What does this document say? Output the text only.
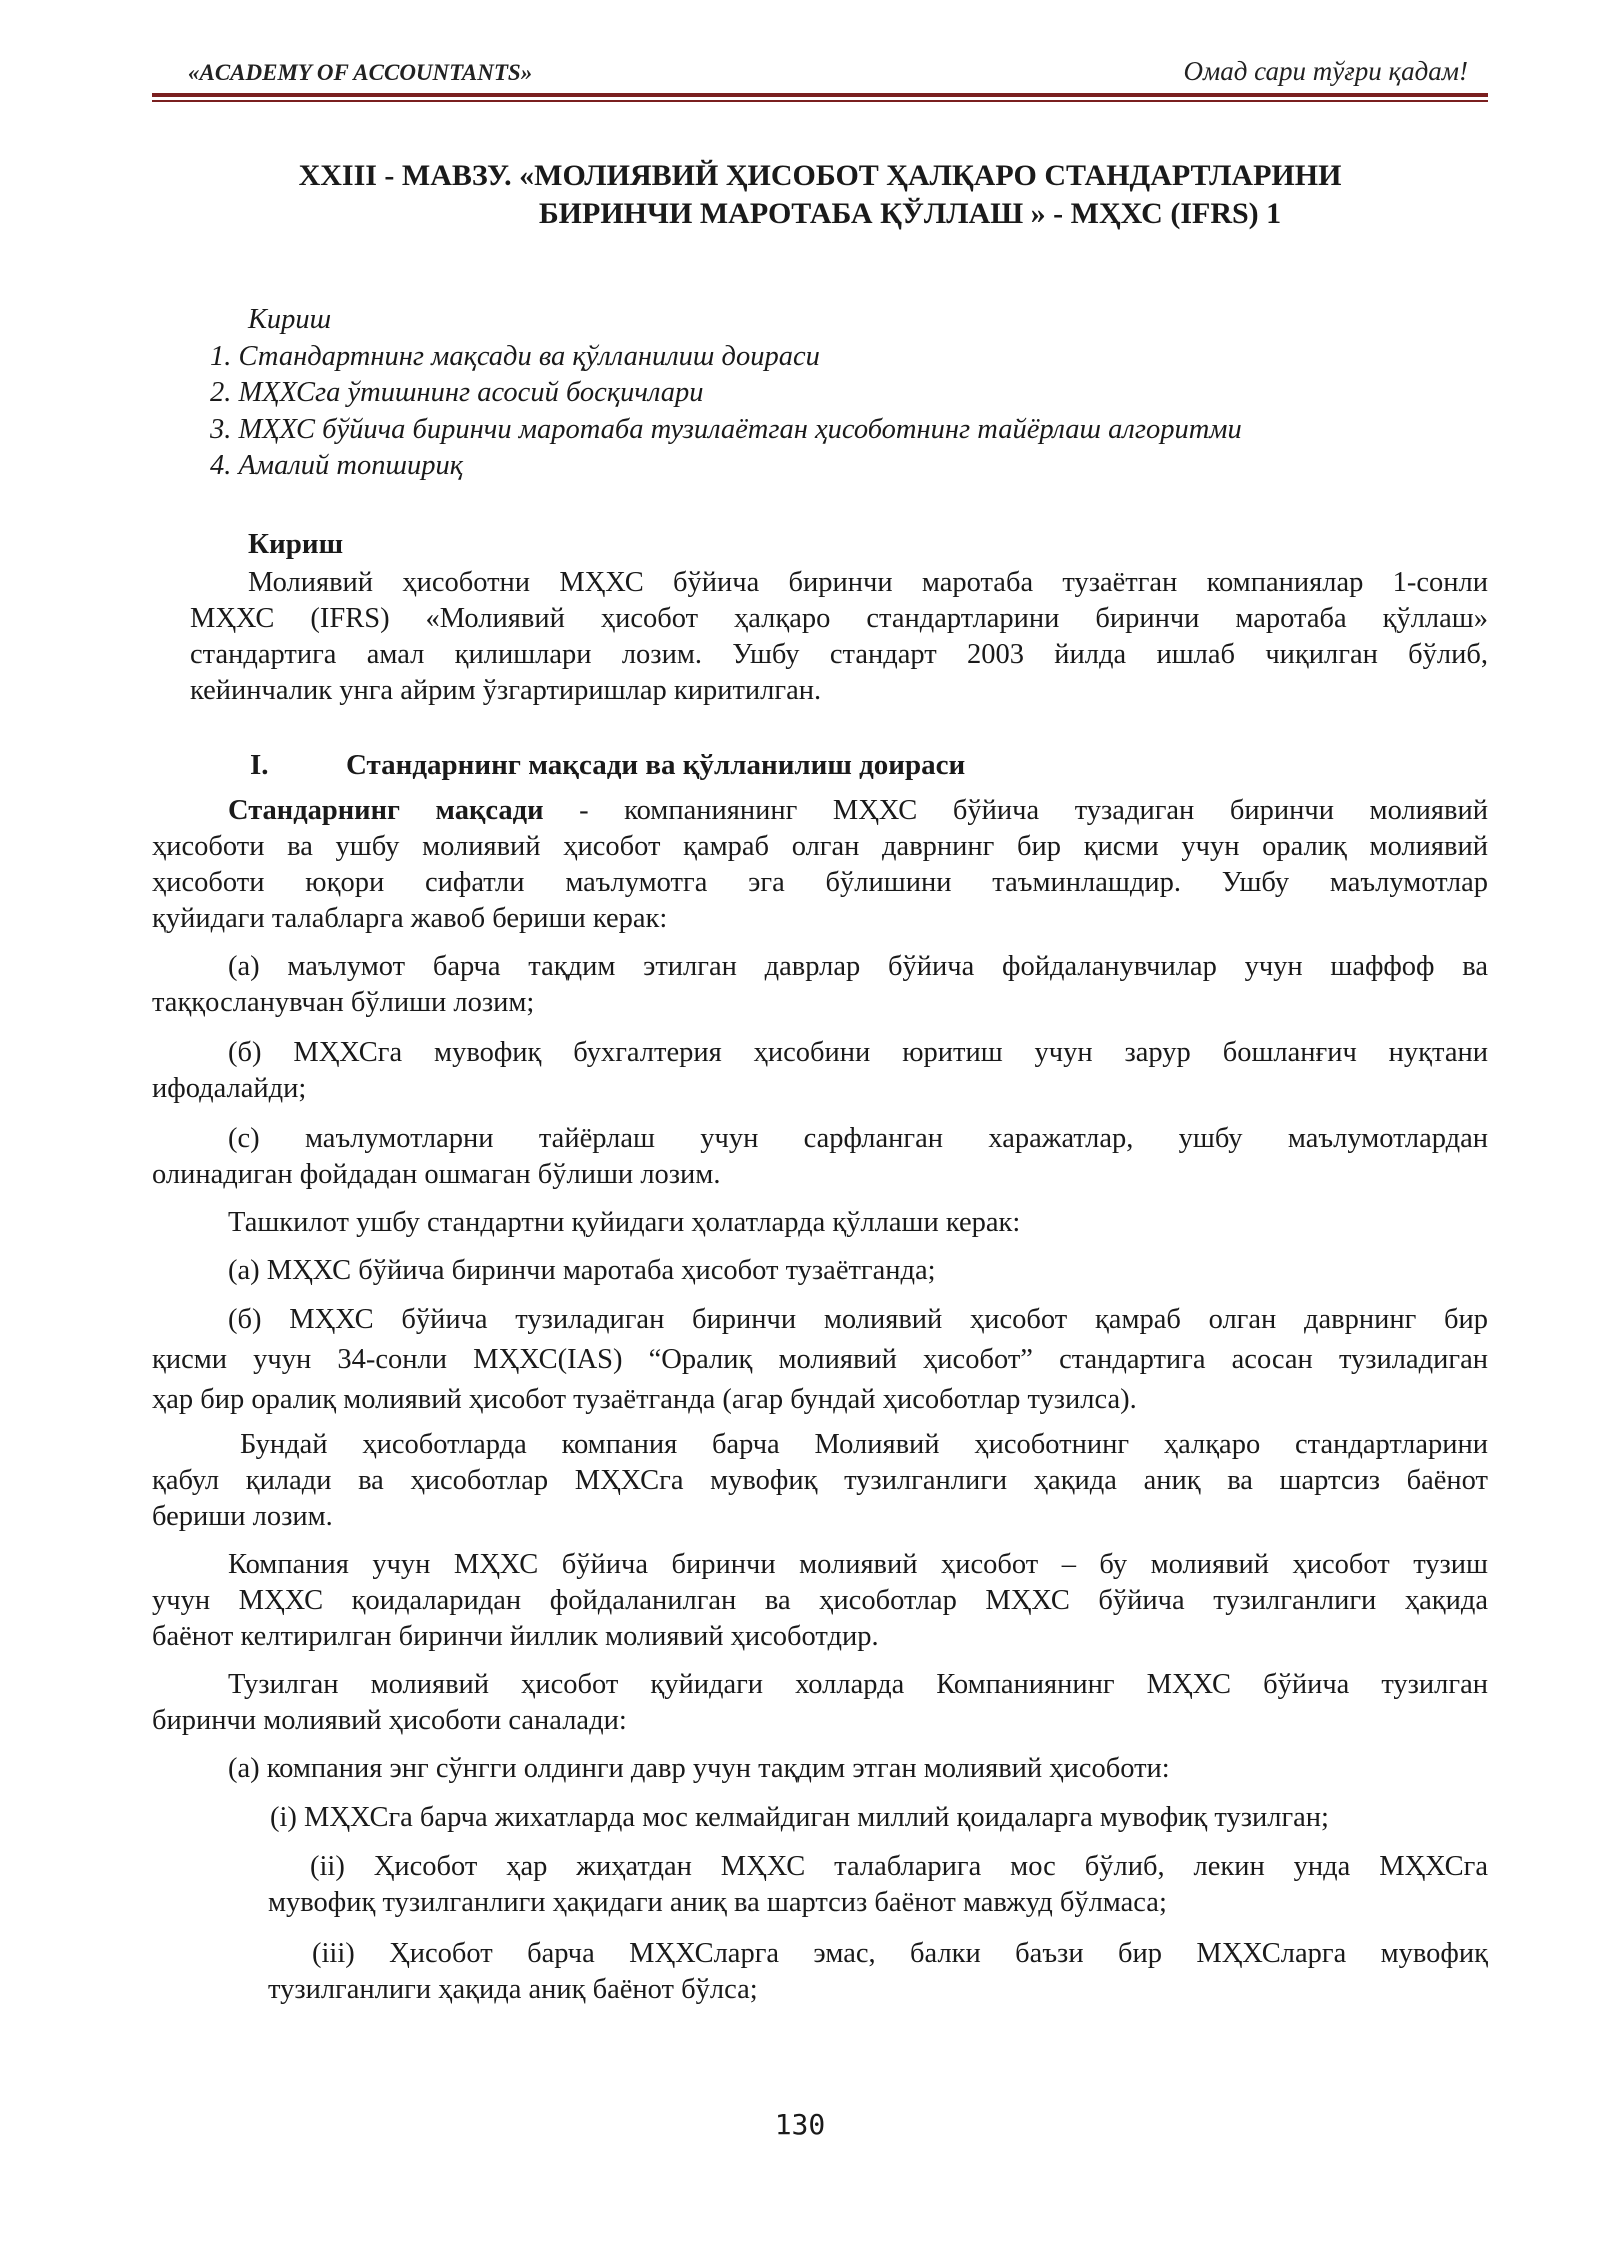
«ACADEMY OF ACCOUNTANTS»	Омад сари тўғри қадам!
XXIII - МАВЗУ. «МОЛИЯВИЙ ҲИСОБОТ ҲАЛҚАРО СТАНДАРТЛАРИНИ
БИРИНЧИ МАРОТАБА ҚЎЛЛАШ » - МҲХС (IFRS) 1
Кириш
1. Стандартнинг мақсади ва қўлланилиш доираси
2. МҲХСга ўтишнинг асосий босқичлари
3. МҲХС бўйича биринчи маротаба тузилаётган ҳисоботнинг тайёрлаш алгоритми
4. Амалий топшириқ
Кириш
Молиявий ҳисоботни МҲХС бўйича биринчи маротаба тузаётган компаниялар 1-сонли
МҲХС (IFRS) «Молиявий ҳисобот ҳалқаро стандартларини биринчи маротаба қўллаш»
стандартига амал қилишлари лозим. Ушбу стандарт 2003 йилда ишлаб чиқилган бўлиб,
кейинчалик унга айрим ўзгартиришлар киритилган.
I.	Стандарнинг мақсади ва қўлланилиш доираси
Стандарнинг мақсади - компаниянинг МҲХС бўйича тузадиган биринчи молиявий
ҳисоботи ва ушбу молиявий ҳисобот қамраб олган даврнинг бир қисми учун оралиқ молиявий
ҳисоботи юқори сифатли маълумотга эга бўлишини таъминлашдир. Ушбу маълумотлар
қуйидаги талабларга жавоб бериши керак:
(а) маълумот барча тақдим этилган даврлар бўйича фойдаланувчилар учун шаффоф ва
таққосланувчан бўлиши лозим;
(б) МҲХСга мувофиқ бухгалтерия ҳисобини юритиш учун зарур бошланғич нуқтани
ифодалайди;
(с) маълумотларни тайёрлаш учун сарфланган харажатлар, ушбу маълумотлардан
олинадиган фойдадан ошмаган бўлиши лозим.
Ташкилот ушбу стандартни қуйидаги ҳолатларда қўллаши керак:
(а) МҲХС бўйича биринчи маротаба ҳисобот тузаётганда;
(б) МҲХС бўйича тузиладиган биринчи молиявий ҳисобот қамраб олган даврнинг бир
қисми учун 34-сонли МҲХС(IAS) “Оралиқ молиявий ҳисобот” стандартига асосан тузиладиган
ҳар бир оралиқ молиявий ҳисобот тузаётганда (агар бундай ҳисоботлар тузилса).
Бундай ҳисоботларда компания барча Молиявий ҳисоботнинг ҳалқаро стандартларини
қабул қилади ва ҳисоботлар МҲХСга мувофиқ тузилганлиги ҳақида аниқ ва шартсиз баёнот
бериши лозим.
Компания учун МҲХС бўйича биринчи молиявий ҳисобот – бу молиявий ҳисобот тузиш
учун МҲХС қоидаларидан фойдаланилган ва ҳисоботлар МҲХС бўйича тузилганлиги ҳақида
баёнот келтирилган биринчи йиллик молиявий ҳисоботдир.
Тузилган молиявий ҳисобот қуйидаги холларда Компаниянинг МҲХС бўйича тузилган
биринчи молиявий ҳисоботи саналади:
(а) компания энг сўнгги олдинги давр учун тақдим этган молиявий ҳисоботи:
(i) МҲХСга барча жихатларда мос келмайдиган миллий қоидаларга мувофиқ тузилган;
(ii) Ҳисобот ҳар жиҳатдан МҲХС талабларига мос бўлиб, лекин унда МҲХСга
мувофиқ тузилганлиги ҳақидаги аниқ ва шартсиз баёнот мавжуд бўлмаса;
(iii) Ҳисобот барча МҲХСларга эмас, балки баъзи бир МҲХСларга мувофиқ
тузилганлиги ҳақида аниқ баёнот бўлса;
130
